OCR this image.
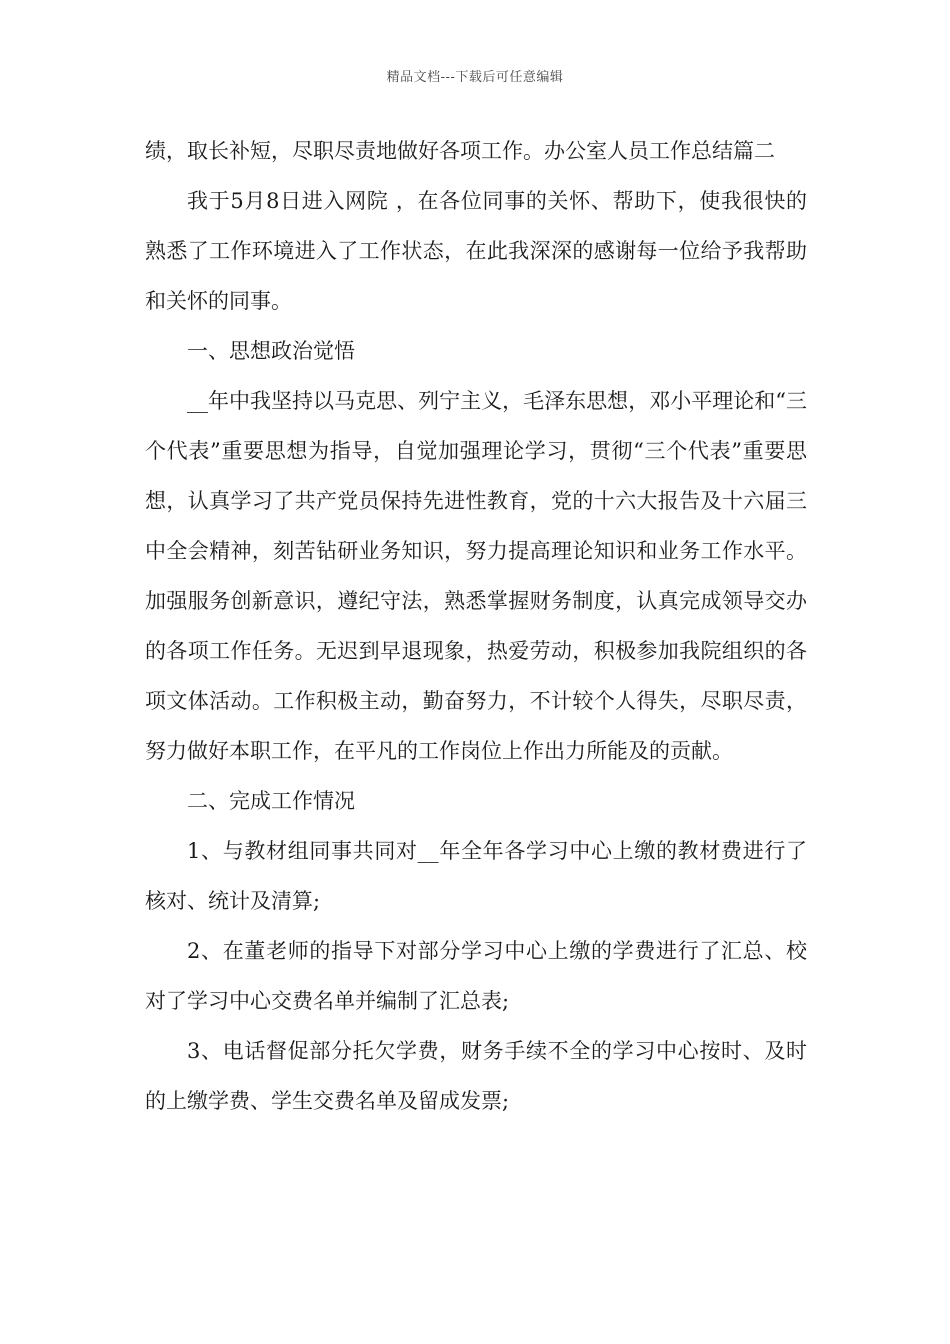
精品文档---下载后可任意编辑

绩，取长补短，尽职尽责地做好各项工作。办公室人员工作总结篇二

我于5月8日进入网院 ，在各位同事的关怀、帮助下，使我很快的熟悉了工作环境进入了工作状态，在此我深深的感谢每一位给予我帮助和关怀的同事。

一、思想政治觉悟

__年中我坚持以马克思、列宁主义，毛泽东思想，邓小平理论和“三个代表”重要思想为指导，自觉加强理论学习，贯彻“三个代表”重要思想，认真学习了共产党员保持先进性教育，党的十六大报告及十六届三中全会精神，刻苦钻研业务知识，努力提高理论知识和业务工作水平。加强服务创新意识，遵纪守法，熟悉掌握财务制度，认真完成领导交办的各项工作任务。无迟到早退现象，热爱劳动，积极参加我院组织的各项文体活动。工作积极主动，勤奋努力，不计较个人得失，尽职尽责，努力做好本职工作，在平凡的工作岗位上作出力所能及的贡献。

二、完成工作情况

1、与教材组同事共同对__年全年各学习中心上缴的教材费进行了核对、统计及清算;

2、在董老师的指导下对部分学习中心上缴的学费进行了汇总、校对了学习中心交费名单并编制了汇总表;

3、电话督促部分托欠学费，财务手续不全的学习中心按时、及时的上缴学费、学生交费名单及留成发票;
